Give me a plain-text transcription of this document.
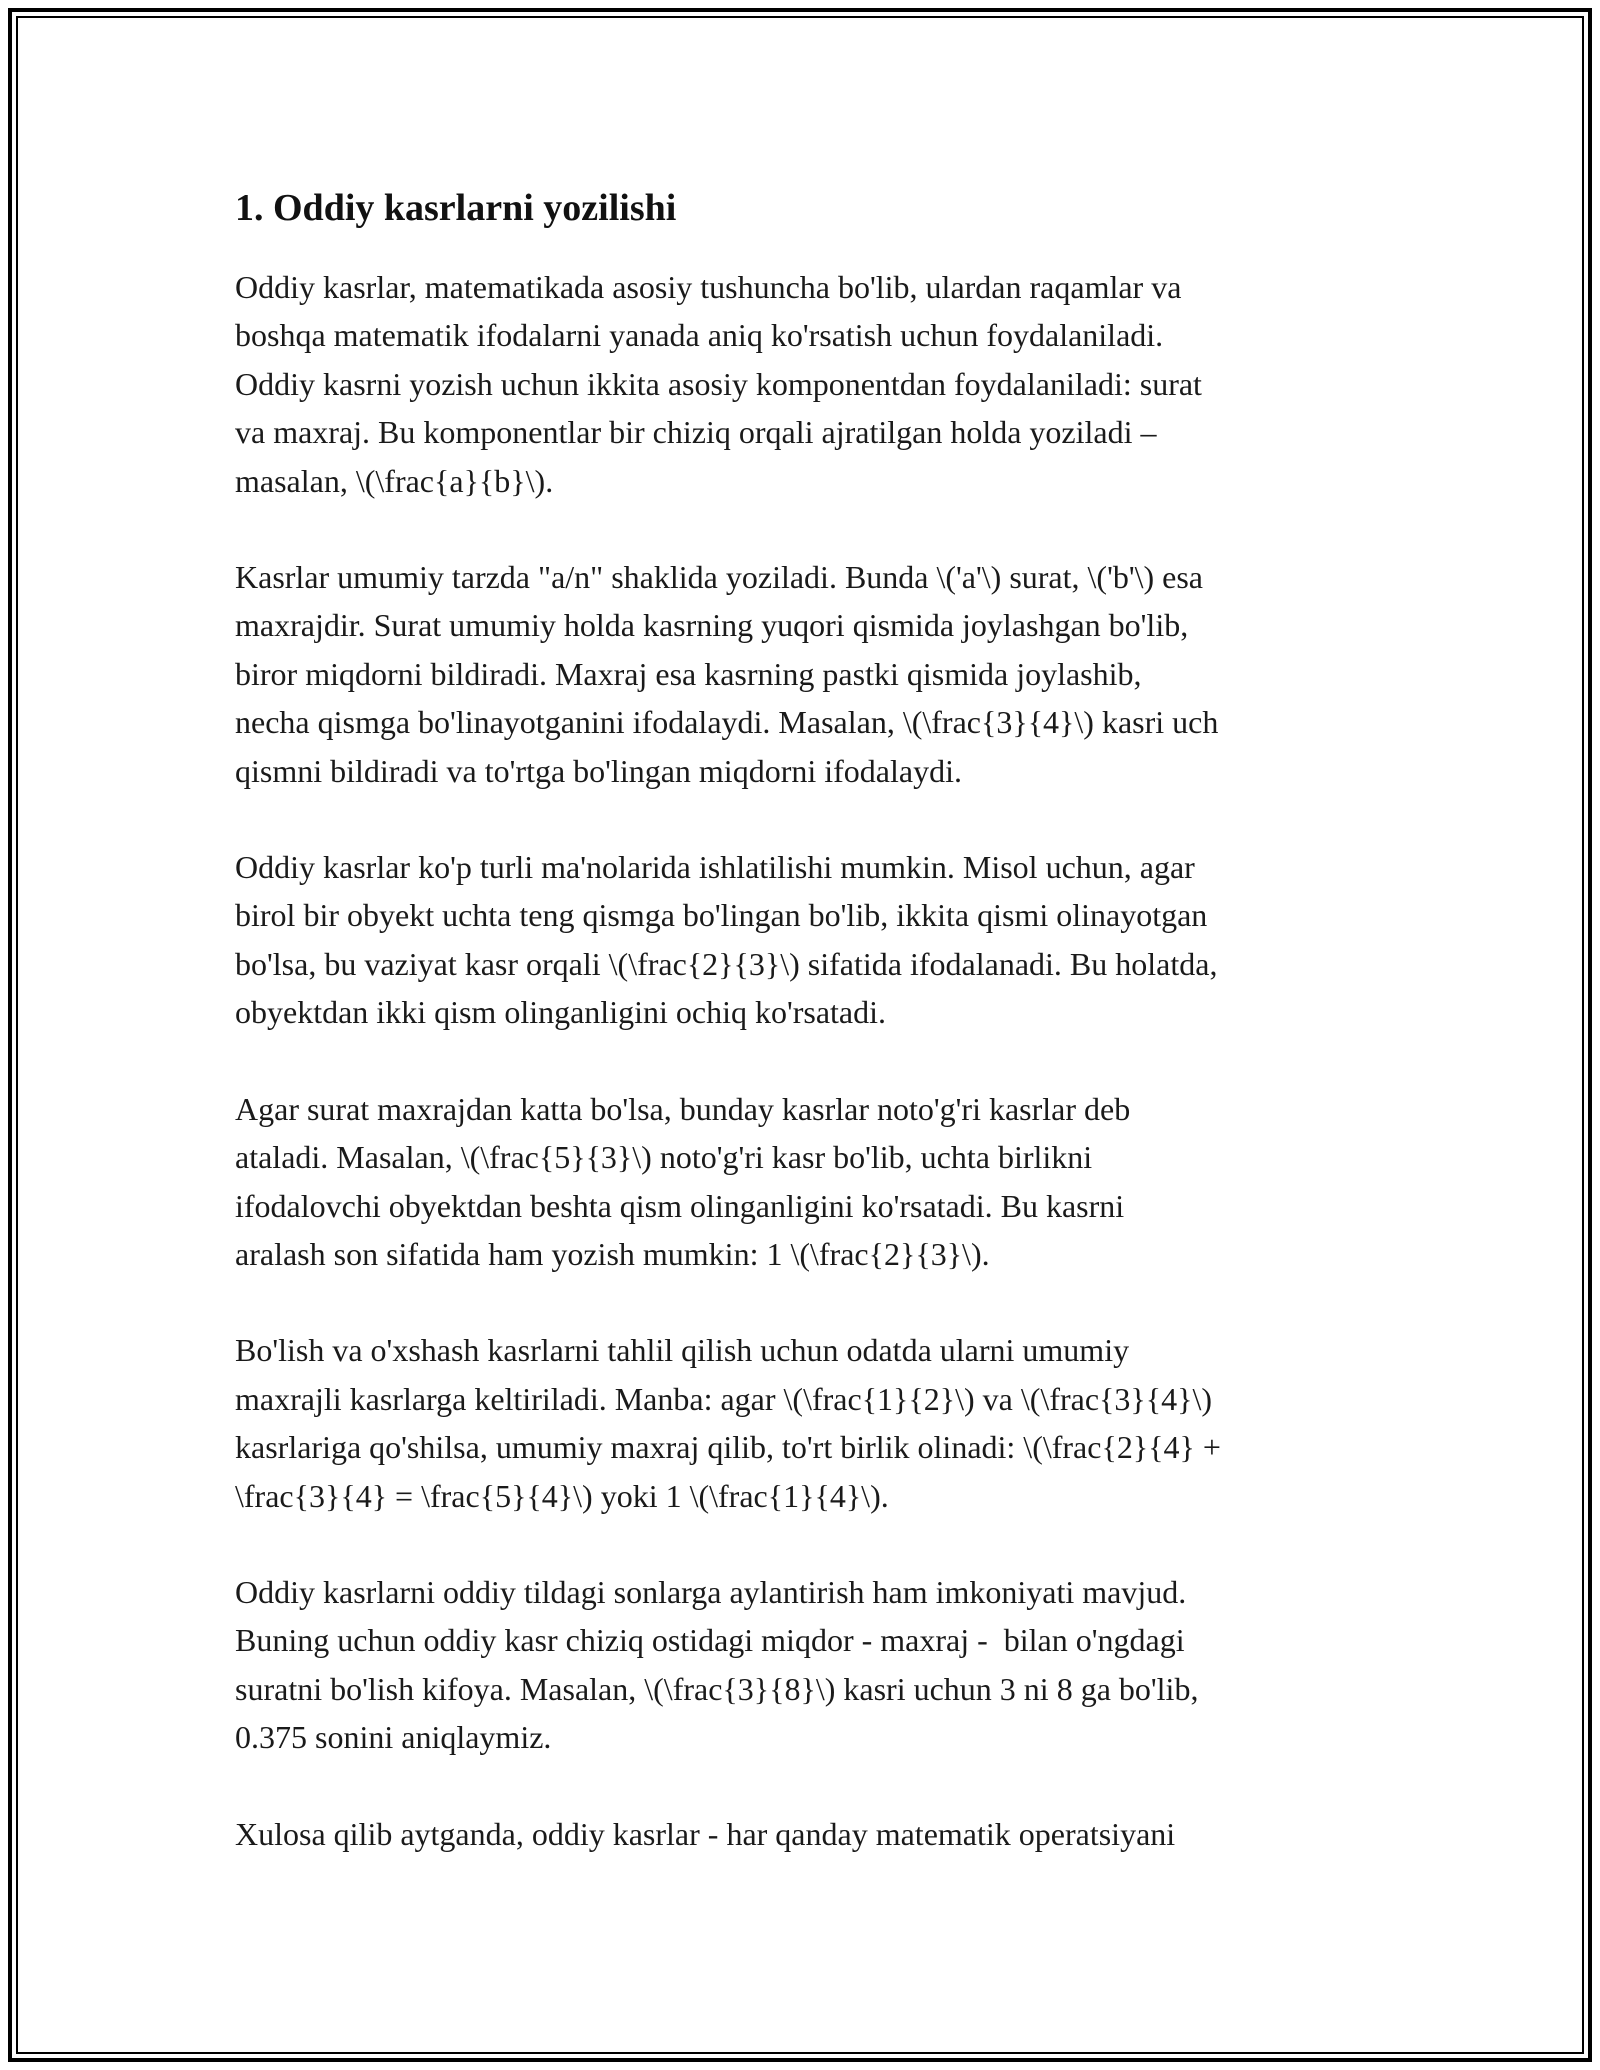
1. Oddiy kasrlarni yozilishi

Oddiy kasrlar, matematikada asosiy tushuncha bo'lib, ulardan raqamlar va
boshqa matematik ifodalarni yanada aniq ko'rsatish uchun foydalaniladi.
Oddiy kasrni yozish uchun ikkita asosiy komponentdan foydalaniladi: surat
va maxraj. Bu komponentlar bir chiziq orqali ajratilgan holda yoziladi –
masalan, \(\frac{a}{b}\).

Kasrlar umumiy tarzda "a/n" shaklida yoziladi. Bunda \('a'\) surat, \('b'\) esa
maxrajdir. Surat umumiy holda kasrning yuqori qismida joylashgan bo'lib,
biror miqdorni bildiradi. Maxraj esa kasrning pastki qismida joylashib,
necha qismga bo'linayotganini ifodalaydi. Masalan, \(\frac{3}{4}\) kasri uch
qismni bildiradi va to'rtga bo'lingan miqdorni ifodalaydi.

Oddiy kasrlar ko'p turli ma'nolarida ishlatilishi mumkin. Misol uchun, agar
birol bir obyekt uchta teng qismga bo'lingan bo'lib, ikkita qismi olinayotgan
bo'lsa, bu vaziyat kasr orqali \(\frac{2}{3}\) sifatida ifodalanadi. Bu holatda,
obyektdan ikki qism olinganligini ochiq ko'rsatadi.

Agar surat maxrajdan katta bo'lsa, bunday kasrlar noto'g'ri kasrlar deb
ataladi. Masalan, \(\frac{5}{3}\) noto'g'ri kasr bo'lib, uchta birlikni
ifodalovchi obyektdan beshta qism olinganligini ko'rsatadi. Bu kasrni
aralash son sifatida ham yozish mumkin: 1 \(\frac{2}{3}\).

Bo'lish va o'xshash kasrlarni tahlil qilish uchun odatda ularni umumiy
maxrajli kasrlarga keltiriladi. Manba: agar \(\frac{1}{2}\) va \(\frac{3}{4}\)
kasrlariga qo'shilsa, umumiy maxraj qilib, to'rt birlik olinadi: \(\frac{2}{4} +
\frac{3}{4} = \frac{5}{4}\) yoki 1 \(\frac{1}{4}\).

Oddiy kasrlarni oddiy tildagi sonlarga aylantirish ham imkoniyati mavjud.
Buning uchun oddiy kasr chiziq ostidagi miqdor - maxraj -  bilan o'ngdagi
suratni bo'lish kifoya. Masalan, \(\frac{3}{8}\) kasri uchun 3 ni 8 ga bo'lib,
0.375 sonini aniqlaymiz.

Xulosa qilib aytganda, oddiy kasrlar - har qanday matematik operatsiyani
